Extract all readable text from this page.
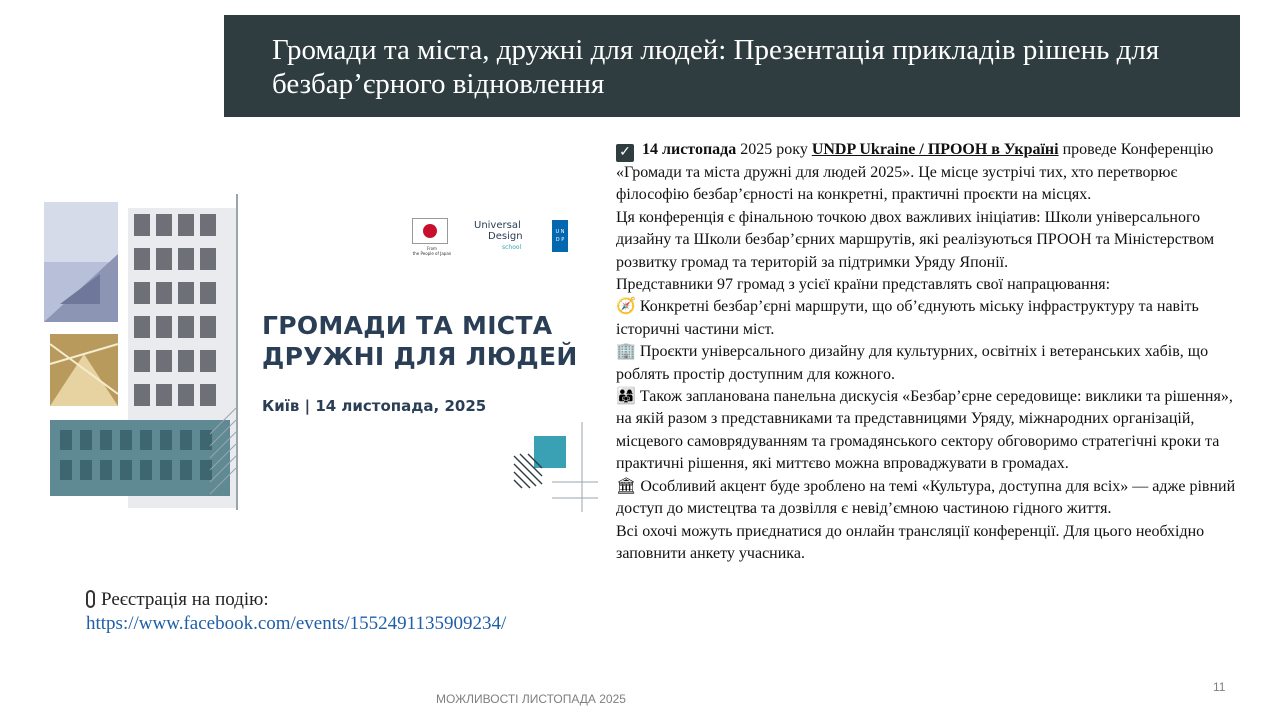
Громади та міста, дружні для людей: Презентація прикладів рішень для безбар’єрного відновлення
From
the People of Japan
Universal
Design
school
U N
D P
ГРОМАДИ ТА МІСТА
ДРУЖНІ ДЛЯ ЛЮДЕЙ
Київ | 14 листопада, 2025
Реєстрація на подію:
https://www.facebook.com/events/1552491135909234/

✓ 14 листопада 2025 року UNDP Ukraine / ПРООН в Україні проведе Конференцію «Громади та міста дружні для людей 2025». Це місце зустрічі тих, хто перетворює філософію безбар’єрності на конкретні, практичні проєкти на місцях.

Ця конференція є фінальною точкою двох важливих ініціатив: Школи універсального дизайну та Школи безбар’єрних маршрутів, які реалізуються ПРООН та Міністерством розвитку громад та територій за підтримки Уряду Японії.

Представники 97 громад з усієї країни представлять свої напрацювання:

🧭 Конкретні безбар’єрні маршрути, що об’єднують міську інфраструктуру та навіть історичні частини міст.

🏢 Проєкти універсального дизайну для культурних, освітніх і ветеранських хабів, що роблять простір доступним для кожного.

👨‍👩‍👧 Також запланована панельна дискусія «Безбар’єрне середовище: виклики та рішення», на якій разом з представниками та представницями Уряду, міжнародних організацій, місцевого самоврядуванням та громадянського сектору обговоримо стратегічні кроки та практичні рішення, які миттєво можна впроваджувати в громадах.

🏛 Особливий акцент буде зроблено на темі «Культура, доступна для всіх» — адже рівний доступ до мистецтва та дозвілля є невід’ємною частиною гідного життя.

Всі охочі можуть приєднатися до онлайн трансляції конференції. Для цього необхідно заповнити анкету учасника.

МОЖЛИВОСТІ ЛИСТОПАДА 2025
11
